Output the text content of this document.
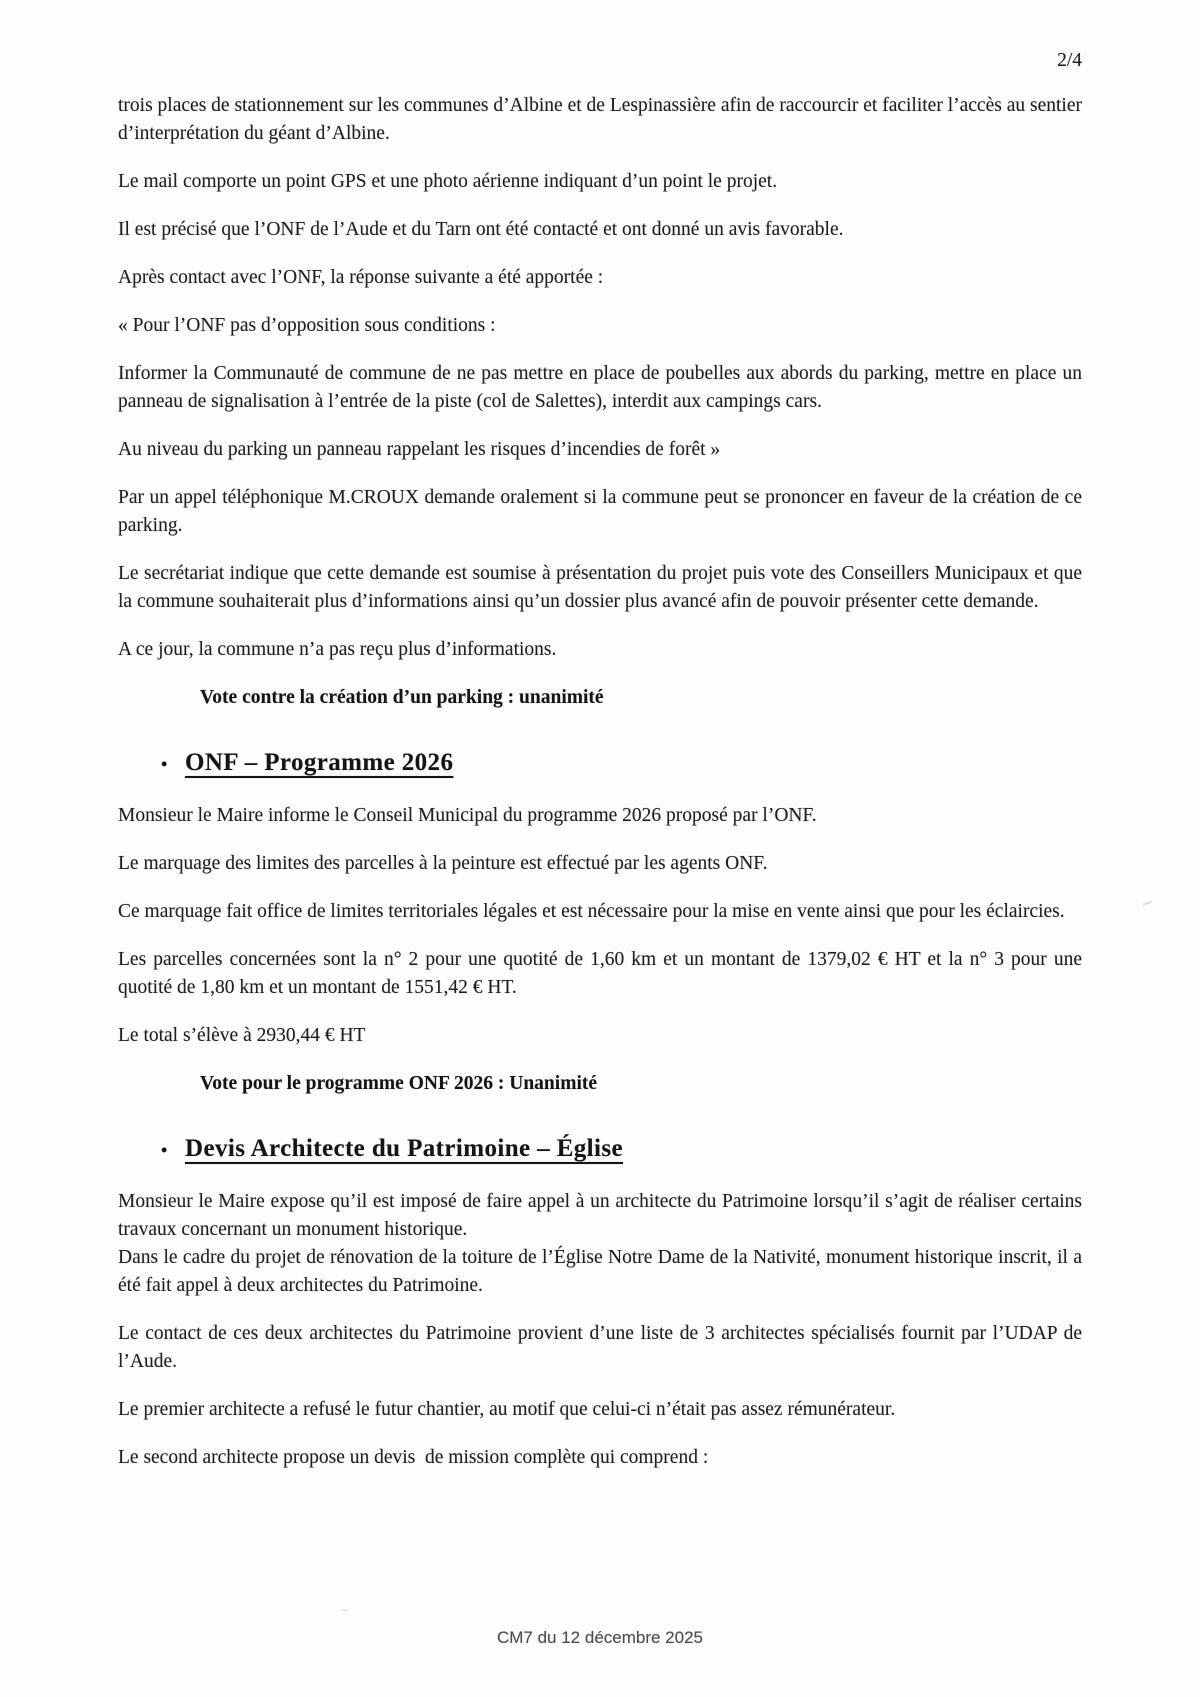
2/4

trois places de stationnement sur les communes d’Albine et de Lespinassière afin de raccourcir et faciliter l’accès au sentier d’interprétation du géant d’Albine.

Le mail comporte un point GPS et une photo aérienne indiquant d’un point le projet.

Il est précisé que l’ONF de l’Aude et du Tarn ont été contacté et ont donné un avis favorable.

Après contact avec l’ONF, la réponse suivante a été apportée :

« Pour l’ONF pas d’opposition sous conditions :

Informer la Communauté de commune de ne pas mettre en place de poubelles aux abords du parking, mettre en place un panneau de signalisation à l’entrée de la piste (col de Salettes), interdit aux campings cars.

Au niveau du parking un panneau rappelant les risques d’incendies de forêt »

Par un appel téléphonique M.CROUX demande oralement si la commune peut se prononcer en faveur de la création de ce parking.

Le secrétariat indique que cette demande est soumise à présentation du projet puis vote des Conseillers Municipaux et que la commune souhaiterait plus d’informations ainsi qu’un dossier plus avancé afin de pouvoir présenter cette demande.

A ce jour, la commune n’a pas reçu plus d’informations.

Vote contre la création d’un parking : unanimité

• ONF – Programme 2026

Monsieur le Maire informe le Conseil Municipal du programme 2026 proposé par l’ONF.

Le marquage des limites des parcelles à la peinture est effectué par les agents ONF.

Ce marquage fait office de limites territoriales légales et est nécessaire pour la mise en vente ainsi que pour les éclaircies.

Les parcelles concernées sont la n° 2 pour une quotité de 1,60 km et un montant de 1379,02 € HT et la n° 3 pour une quotité de 1,80 km et un montant de 1551,42 € HT.

Le total s’élève à 2930,44 € HT

Vote pour le programme ONF 2026 : Unanimité

• Devis Architecte du Patrimoine – Église

Monsieur le Maire expose qu’il est imposé de faire appel à un architecte du Patrimoine lorsqu’il s’agit de réaliser certains travaux concernant un monument historique.

Dans le cadre du projet de rénovation de la toiture de l’Église Notre Dame de la Nativité, monument historique inscrit, il a été fait appel à deux architectes du Patrimoine.

Le contact de ces deux architectes du Patrimoine provient d’une liste de 3 architectes spécialisés fournit par l’UDAP de l’Aude.

Le premier architecte a refusé le futur chantier, au motif que celui-ci n’était pas assez rémunérateur.

Le second architecte propose un devis  de mission complète qui comprend :

CM7 du 12 décembre 2025
